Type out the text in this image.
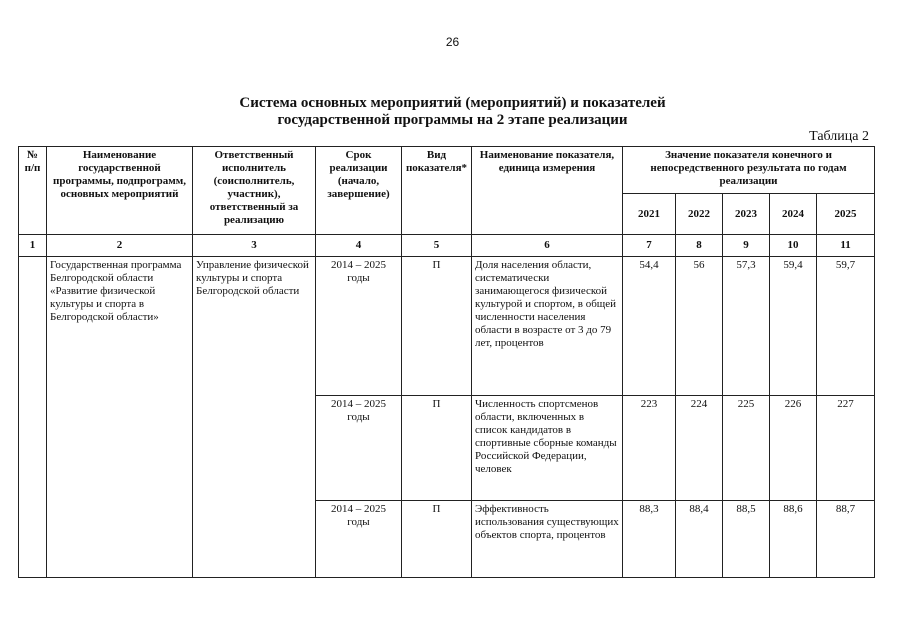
26
Система основных мероприятий (мероприятий) и показателей
государственной программы на 2 этапе реализации
Таблица 2
№ п/п	Наименование государственной программы, подпрограмм, основных мероприятий	Ответственный исполнитель (соисполнитель, участник), ответственный за реализацию	Срок реализации (начало, завершение)	Вид показателя*	Наименование показателя, единица измерения	Значение показателя конечного и непосредственного результата по годам реализации				
						2021	2022	2023	2024	2025
1	2	3	4	5	6	7	8	9	10	11
	Государственная программа Белгородской области «Развитие физической культуры и спорта в Белгородской области»	Управление физической культуры и спорта Белгородской области	2014 – 2025 годы	П	Доля населения области, систематически занимающегося физической культурой и спортом, в общей численности населения области в возрасте от 3 до 79 лет, процентов	54,4	56	57,3	59,4	59,7
			2014 – 2025 годы	П	Численность спортсменов области, включенных в список кандидатов в спортивные сборные команды Российской Федерации, человек	223	224	225	226	227
			2014 – 2025 годы	П	Эффективность использования существующих объектов спорта, процентов	88,3	88,4	88,5	88,6	88,7
